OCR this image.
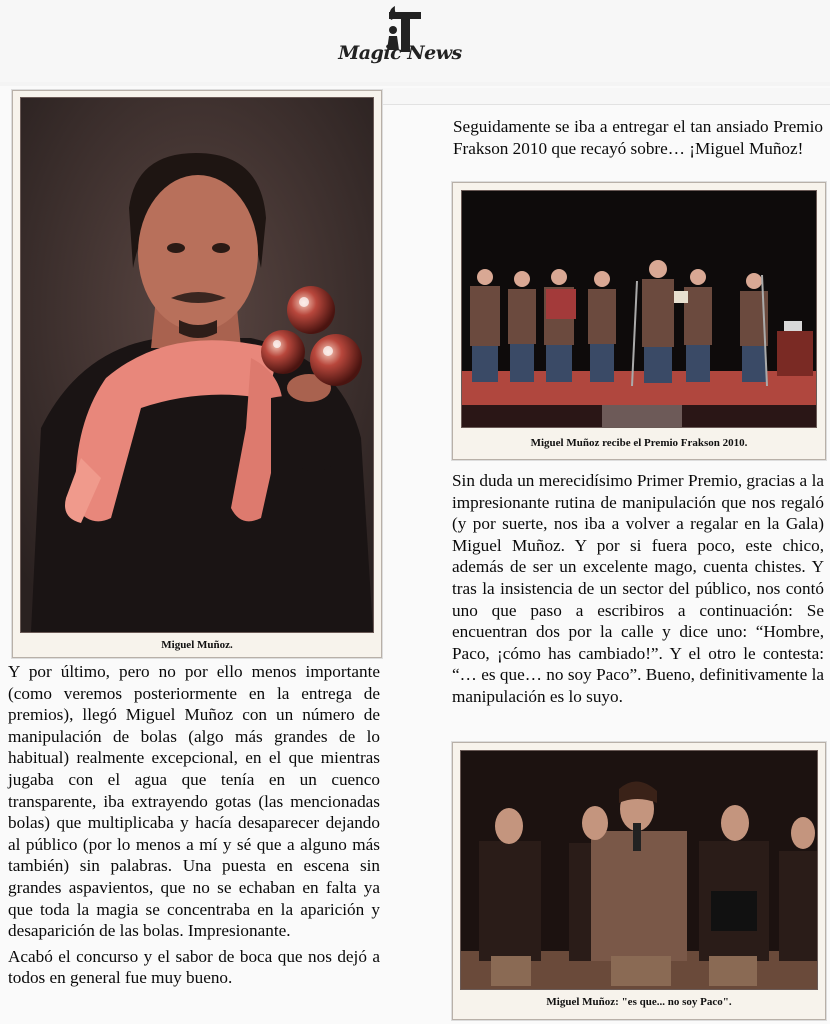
Magic News
Miguel Muñoz.

Y por último, pero no por ello menos importante (como veremos posteriormente en la entrega de premios), llegó Miguel Muñoz con un número de manipulación de bolas (algo más grandes de lo habitual) realmente excepcional, en el que mientras jugaba con el agua que tenía en un cuenco transparente, iba extrayendo gotas (las mencionadas bolas) que multiplicaba y hacía desaparecer dejando al público (por lo menos a mí y sé que a alguno más también) sin palabras. Una puesta en escena sin grandes aspavientos, que no se echaban en falta ya que toda la magia se concentraba en la aparición y desaparición de las bolas. Impresionante.

Acabó el concurso y el sabor de boca que nos dejó a todos en general fue muy bueno.

Seguidamente se iba a entregar el tan ansiado Premio Frakson 2010 que recayó sobre… ¡Miguel Muñoz!

Miguel Muñoz recibe el Premio Frakson 2010.

Sin duda un merecidísimo Primer Premio, gracias a la impresionante rutina de manipulación que nos regaló (y por suerte, nos iba a volver a regalar en la Gala) Miguel Muñoz. Y por si fuera poco, este chico, además de ser un excelente mago, cuenta chistes. Y tras la insistencia de un sector del público, nos contó uno que paso a escribiros a continuación: Se encuentran dos por la calle y dice uno: “Hombre, Paco, ¡cómo has cambiado!”. Y el otro le contesta: “… es que… no soy Paco”. Bueno, definitivamente la manipulación es lo suyo.

Miguel Muñoz: "es que... no soy Paco".
